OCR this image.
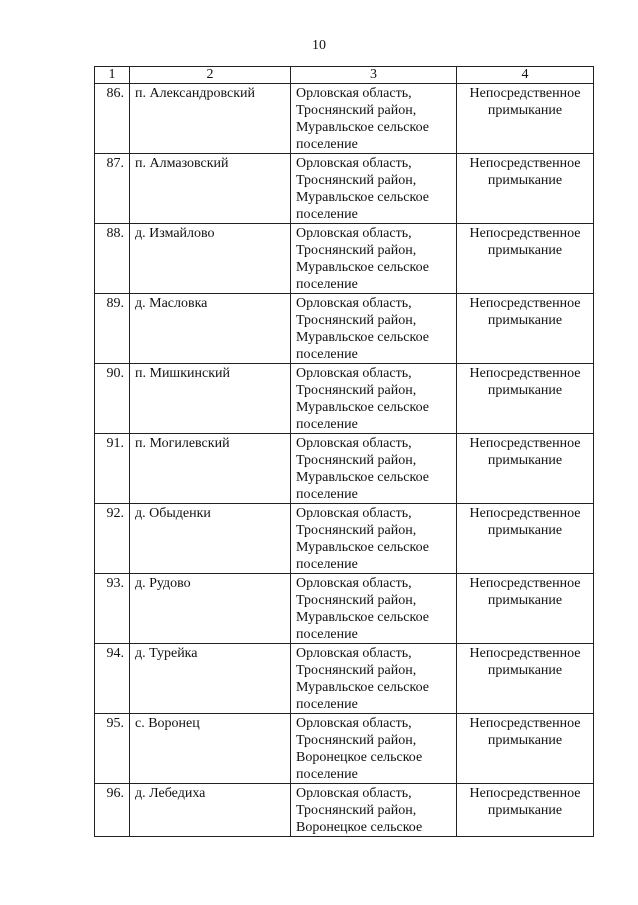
10
1	2	3	4
86.	п. Александровский	Орловская область,
Троснянский район,
Муравльское сельское
поселение	Непосредственное
примыкание

87.	п. Алмазовский	Орловская область,
Троснянский район,
Муравльское сельское
поселение	Непосредственное
примыкание

88.	д. Измайлово	Орловская область,
Троснянский район,
Муравльское сельское
поселение	Непосредственное
примыкание

89.	д. Масловка	Орловская область,
Троснянский район,
Муравльское сельское
поселение	Непосредственное
примыкание

90.	п. Мишкинский	Орловская область,
Троснянский район,
Муравльское сельское
поселение	Непосредственное
примыкание

91.	п. Могилевский	Орловская область,
Троснянский район,
Муравльское сельское
поселение	Непосредственное
примыкание

92.	д. Обыденки	Орловская область,
Троснянский район,
Муравльское сельское
поселение	Непосредственное
примыкание

93.	д. Рудово	Орловская область,
Троснянский район,
Муравльское сельское
поселение	Непосредственное
примыкание

94.	д. Турейка	Орловская область,
Троснянский район,
Муравльское сельское
поселение	Непосредственное
примыкание

95.	с. Воронец	Орловская область,
Троснянский район,
Воронецкое сельское
поселение	Непосредственное
примыкание

96.	д. Лебедиха	Орловская область,
Троснянский район,
Воронецкое сельское	Непосредственное
примыкание
